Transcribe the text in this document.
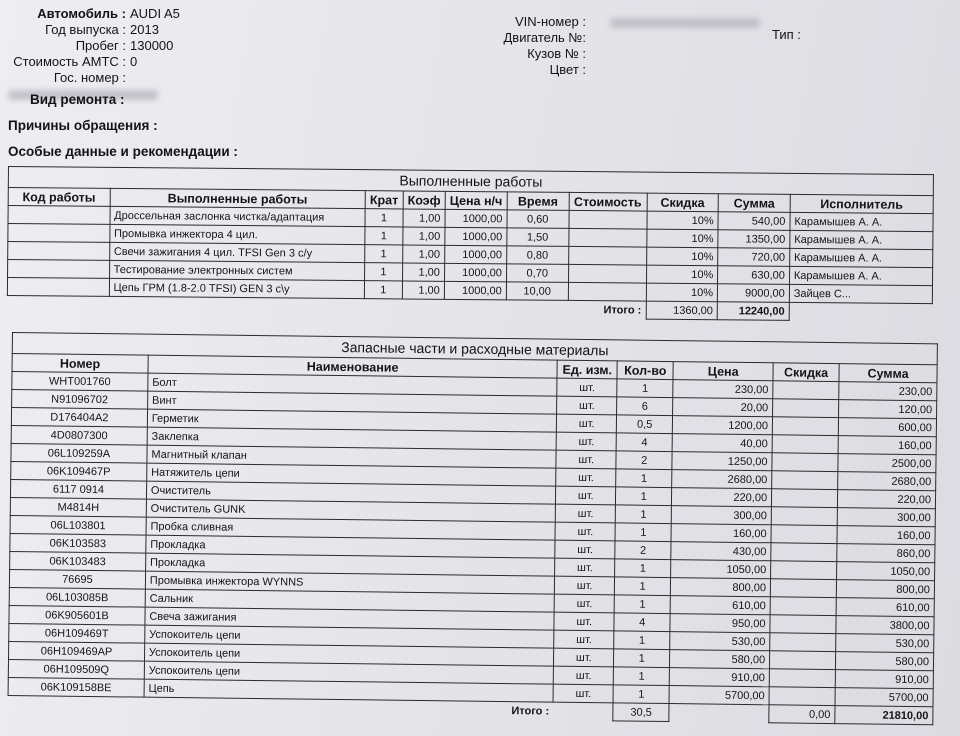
Автомобиль : AUDI A5
Год выпуска : 2013
Пробег : 130000
Стоимость АМТС : 0
Гос. номер :
VIN-номер :
Двигатель №:
Кузов № :
Цвет :
Тип :
Вид ремонта :
Причины обращения :
Особые данные и рекомендации :
Выполненные работы									
Код работы	Выполненные работы	Крат	Коэф	Цена н/ч	Время	Стоимость	Скидка	Сумма	Исполнитель
	Дроссельная заслонка чистка/адаптация	1	1,00	1000,00	0,60		10%	540,00	Карамышев А. А.
	Промывка инжектора 4 цил.	1	1,00	1000,00	1,50		10%	1350,00	Карамышев А. А.
	Свечи зажигания 4 цил. TFSI Gen 3 с/у	1	1,00	1000,00	0,80		10%	720,00	Карамышев А. А.
	Тестирование электронных систем	1	1,00	1000,00	0,70		10%	630,00	Карамышев А. А.
	Цепь ГРМ (1.8-2.0 TFSI) GEN 3 с\у	1	1,00	1000,00	10,00		10%	9000,00	Зайцев С...
						Итого :	1360,00	12240,00	
Запасные части и расходные материалы						
Номер	Наименование	Ед. изм.	Кол-во	Цена	Скидка	Сумма
WHT001760	Болт	шт.	1	230,00		230,00
N91096702	Винт	шт.	6	20,00		120,00
D176404A2	Герметик	шт.	0,5	1200,00		600,00
4D0807300	Заклепка	шт.	4	40,00		160,00
06L109259A	Магнитный клапан	шт.	2	1250,00		2500,00
06K109467P	Натяжитель цепи	шт.	1	2680,00		2680,00
6117 0914	Очиститель	шт.	1	220,00		220,00
M4814H	Очиститель GUNK	шт.	1	300,00		300,00
06L103801	Пробка сливная	шт.	1	160,00		160,00
06K103583	Прокладка	шт.	2	430,00		860,00
06K103483	Прокладка	шт.	1	1050,00		1050,00
76695	Промывка инжектора WYNNS	шт.	1	800,00		800,00
06L103085B	Сальник	шт.	1	610,00		610,00
06K905601B	Свеча зажигания	шт.	4	950,00		3800,00
06H109469T	Успокоитель цепи	шт.	1	530,00		530,00
06H109469AP	Успокоитель цепи	шт.	1	580,00		580,00
06H109509Q	Успокоитель цепи	шт.	1	910,00		910,00
06K109158BE	Цепь	шт.	1	5700,00		5700,00
Итого :			30,5		0,00	21810,00
